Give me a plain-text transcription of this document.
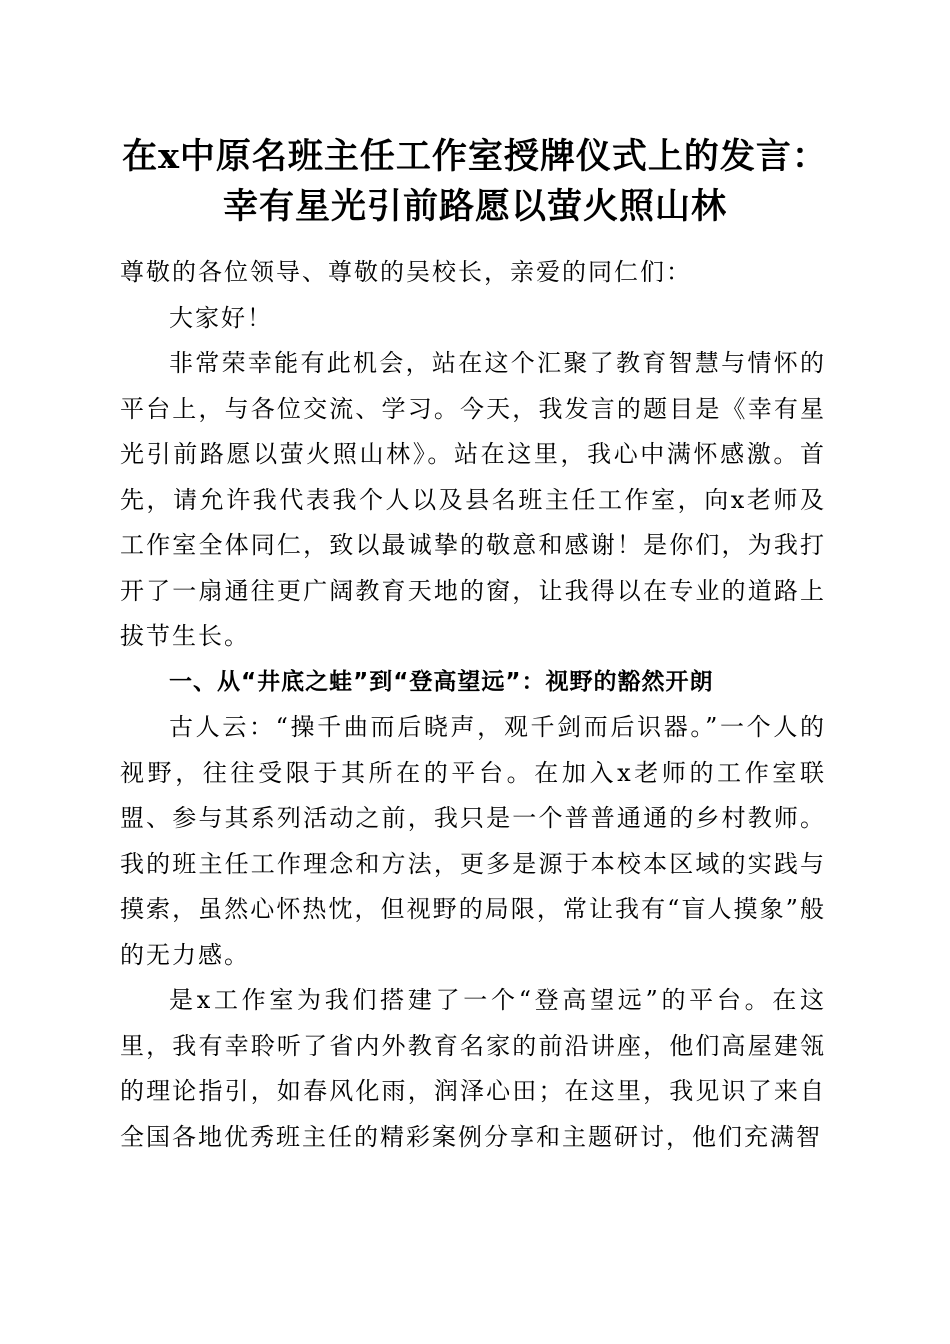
在x中原名班主任工作室授牌仪式上的发言：
幸有星光引前路愿以萤火照山林

尊敬的各位领导、尊敬的吴校长，亲爱的同仁们：

大家好！

非常荣幸能有此机会，站在这个汇聚了教育智慧与情怀的平台上，与各位交流、学习。今天，我发言的题目是《幸有星光引前路愿以萤火照山林》。站在这里，我心中满怀感激。首先，请允许我代表我个人以及县名班主任工作室，向x老师及工作室全体同仁，致以最诚挚的敬意和感谢！是你们，为我打开了一扇通往更广阔教育天地的窗，让我得以在专业的道路上拔节生长。

一、从“井底之蛙”到“登高望远”：视野的豁然开朗

古人云：“操千曲而后晓声，观千剑而后识器。”一个人的视野，往往受限于其所在的平台。在加入x老师的工作室联盟、参与其系列活动之前，我只是一个普普通通的乡村教师。我的班主任工作理念和方法，更多是源于本校本区域的实践与摸索，虽然心怀热忱，但视野的局限，常让我有“盲人摸象”般的无力感。

是x工作室为我们搭建了一个“登高望远”的平台。在这里，我有幸聆听了省内外教育名家的前沿讲座，他们高屋建瓴的理论指引，如春风化雨，润泽心田；在这里，我见识了来自全国各地优秀班主任的精彩案例分享和主题研讨，他们充满智
